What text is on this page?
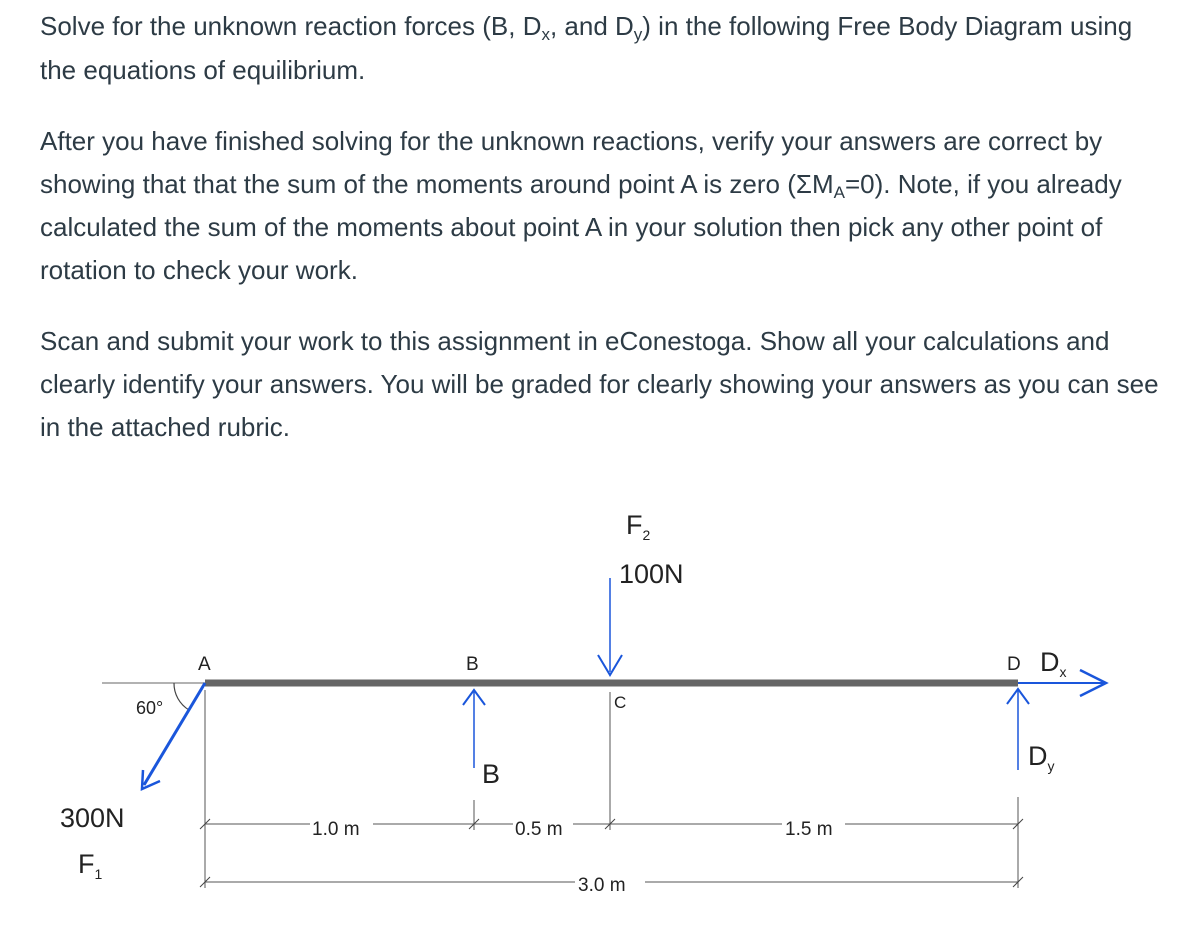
Solve for the unknown reaction forces (B, $D_x$, and $D_y$) in the following Free Body Diagram using the equations of equilibrium.

After you have finished solving for the unknown reactions, verify your answers are correct by showing that that the sum of the moments around point A is zero $(\Sigma M_A=0)$. Note, if you already calculated the sum of the moments about point A in your solution then pick any other point of rotation to check your work.

Scan and submit your work to this assignment in eConestoga. Show all your calculations and clearly identify your answers. You will be graded for clearly showing your answers as you can see in the attached rubric.

A	B
C
D
60°
300N
$F_1$
$F_2$
100N
B
$D_x$
$D_y$
1.0 m	0.5 m	1.5 m
3.0 m
